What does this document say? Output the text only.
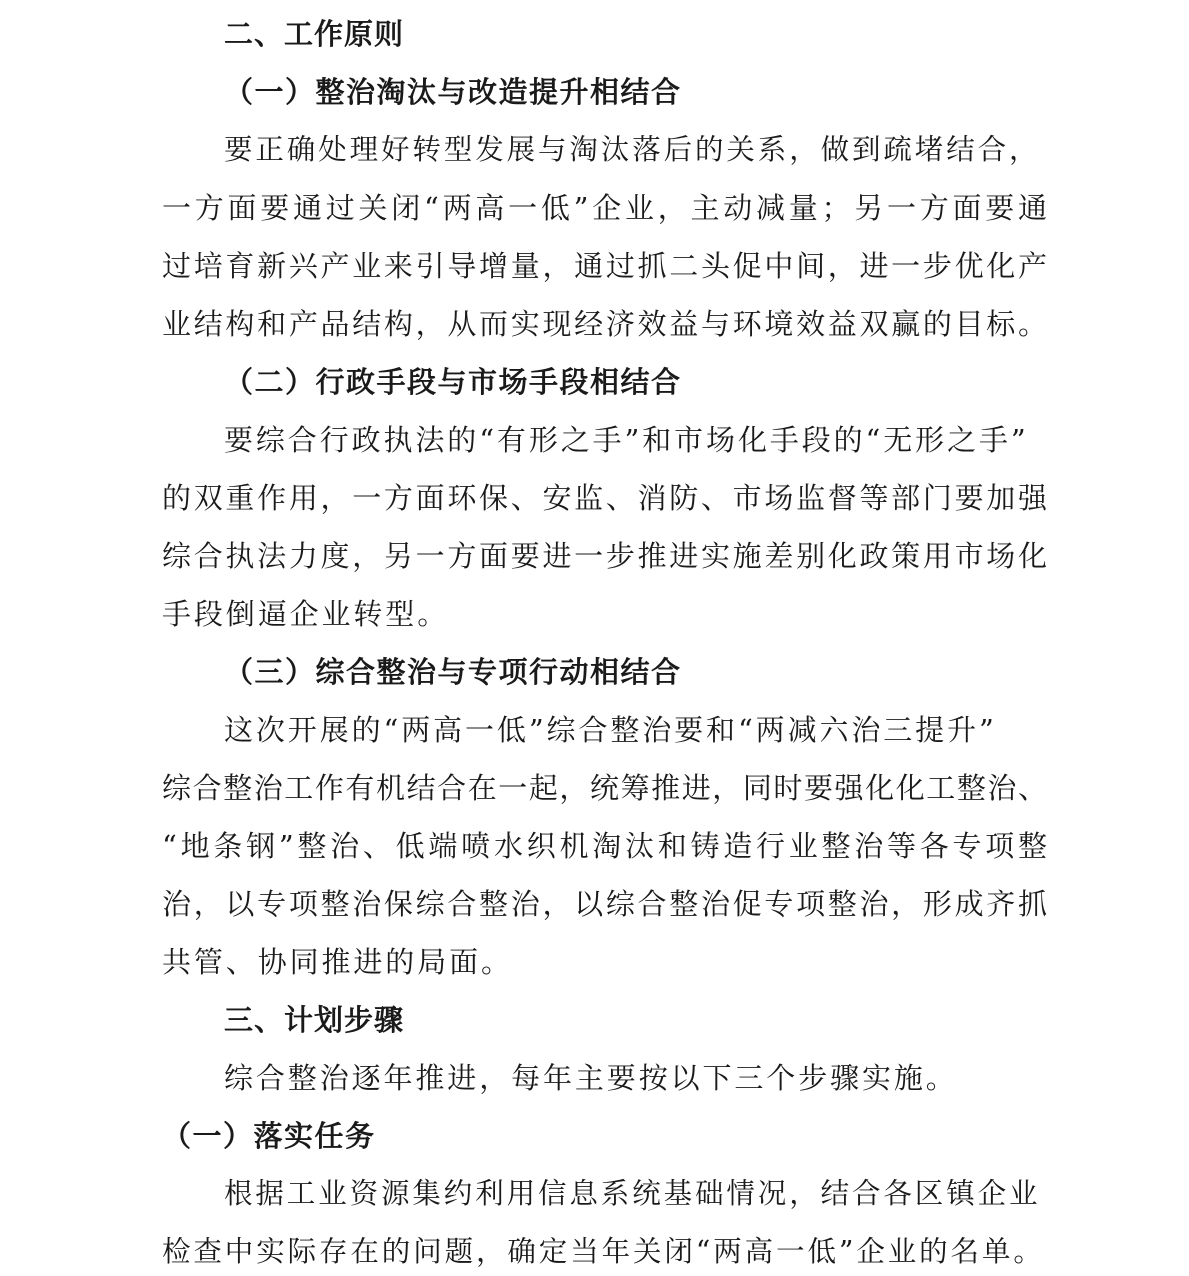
二、工作原则
（一）整治淘汰与改造提升相结合
要正确处理好转型发展与淘汰落后的关系，做到疏堵结合，
一方面要通过关闭“两高一低”企业，主动减量；另一方面要通
过培育新兴产业来引导增量，通过抓二头促中间，进一步优化产
业结构和产品结构，从而实现经济效益与环境效益双赢的目标。
（二）行政手段与市场手段相结合
要综合行政执法的“有形之手”和市场化手段的“无形之手”
的双重作用，一方面环保、安监、消防、市场监督等部门要加强
综合执法力度，另一方面要进一步推进实施差别化政策用市场化
手段倒逼企业转型。
（三）综合整治与专项行动相结合
这次开展的“两高一低”综合整治要和“两减六治三提升”
综合整治工作有机结合在一起，统筹推进，同时要强化化工整治、
“地条钢”整治、低端喷水织机淘汰和铸造行业整治等各专项整
治，以专项整治保综合整治，以综合整治促专项整治，形成齐抓
共管、协同推进的局面。
三、计划步骤
综合整治逐年推进，每年主要按以下三个步骤实施。
（一）落实任务
根据工业资源集约利用信息系统基础情况，结合各区镇企业
检查中实际存在的问题，确定当年关闭“两高一低”企业的名单。
